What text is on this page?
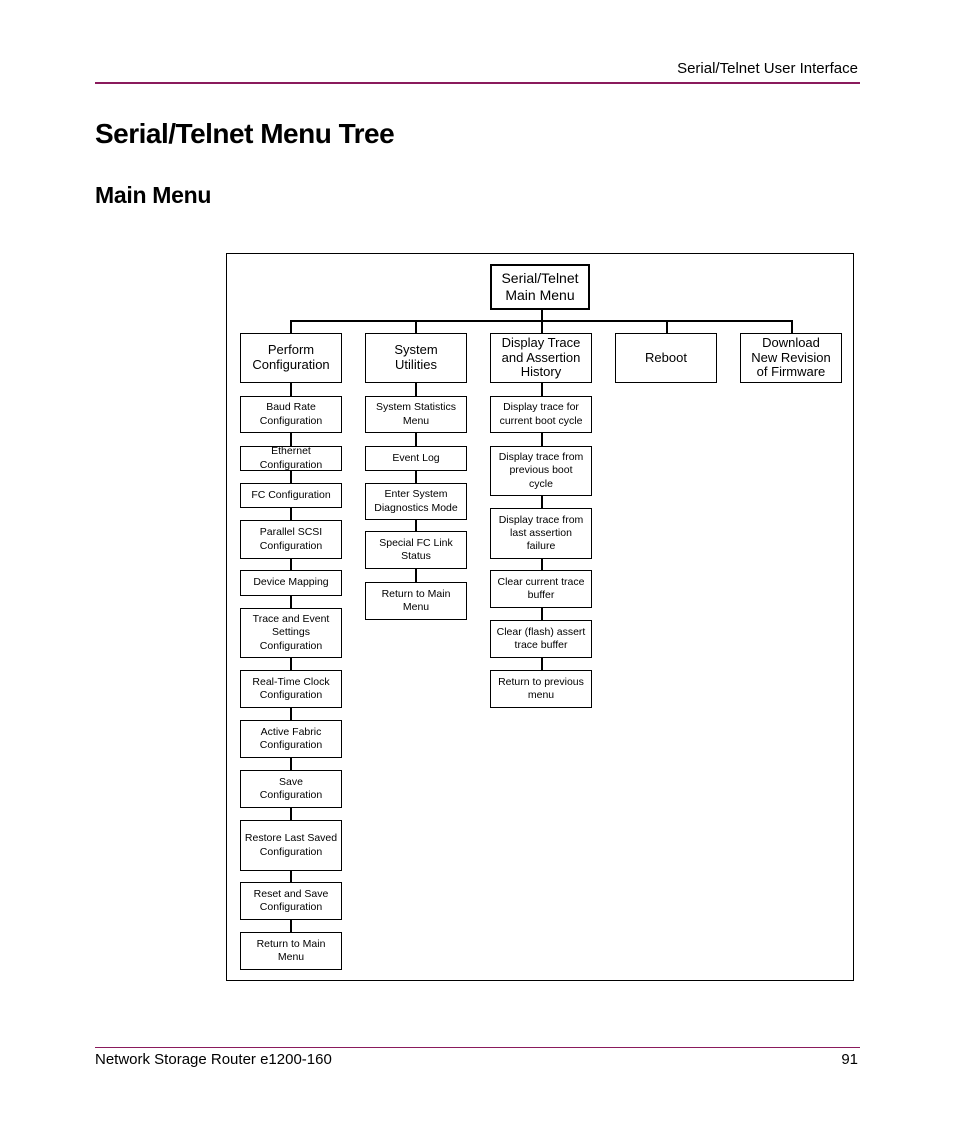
Serial/Telnet User Interface
Serial/Telnet Menu Tree
Main Menu
Serial/Telnet
Main Menu
Perform
Configuration
System
Utilities
Display Trace
and Assertion
History
Reboot
Download
New Revision
of Firmware
Baud Rate
Configuration
Ethernet
Configuration
FC Configuration
Parallel SCSI
Configuration
Device Mapping
Trace and Event
Settings
Configuration
Real-Time Clock
Configuration
Active Fabric
Configuration
Save
Configuration
Restore Last Saved
Configuration
Reset and Save
Configuration
Return to Main
Menu
System Statistics
Menu
Event Log
Enter System
Diagnostics Mode
Special FC Link
Status
Return to Main
Menu
Display trace for
current boot cycle
Display trace from
previous boot
cycle
Display trace from
last assertion
failure
Clear current trace
buffer
Clear (flash) assert
trace buffer
Return to previous
menu
Network Storage Router e1200-160	91
